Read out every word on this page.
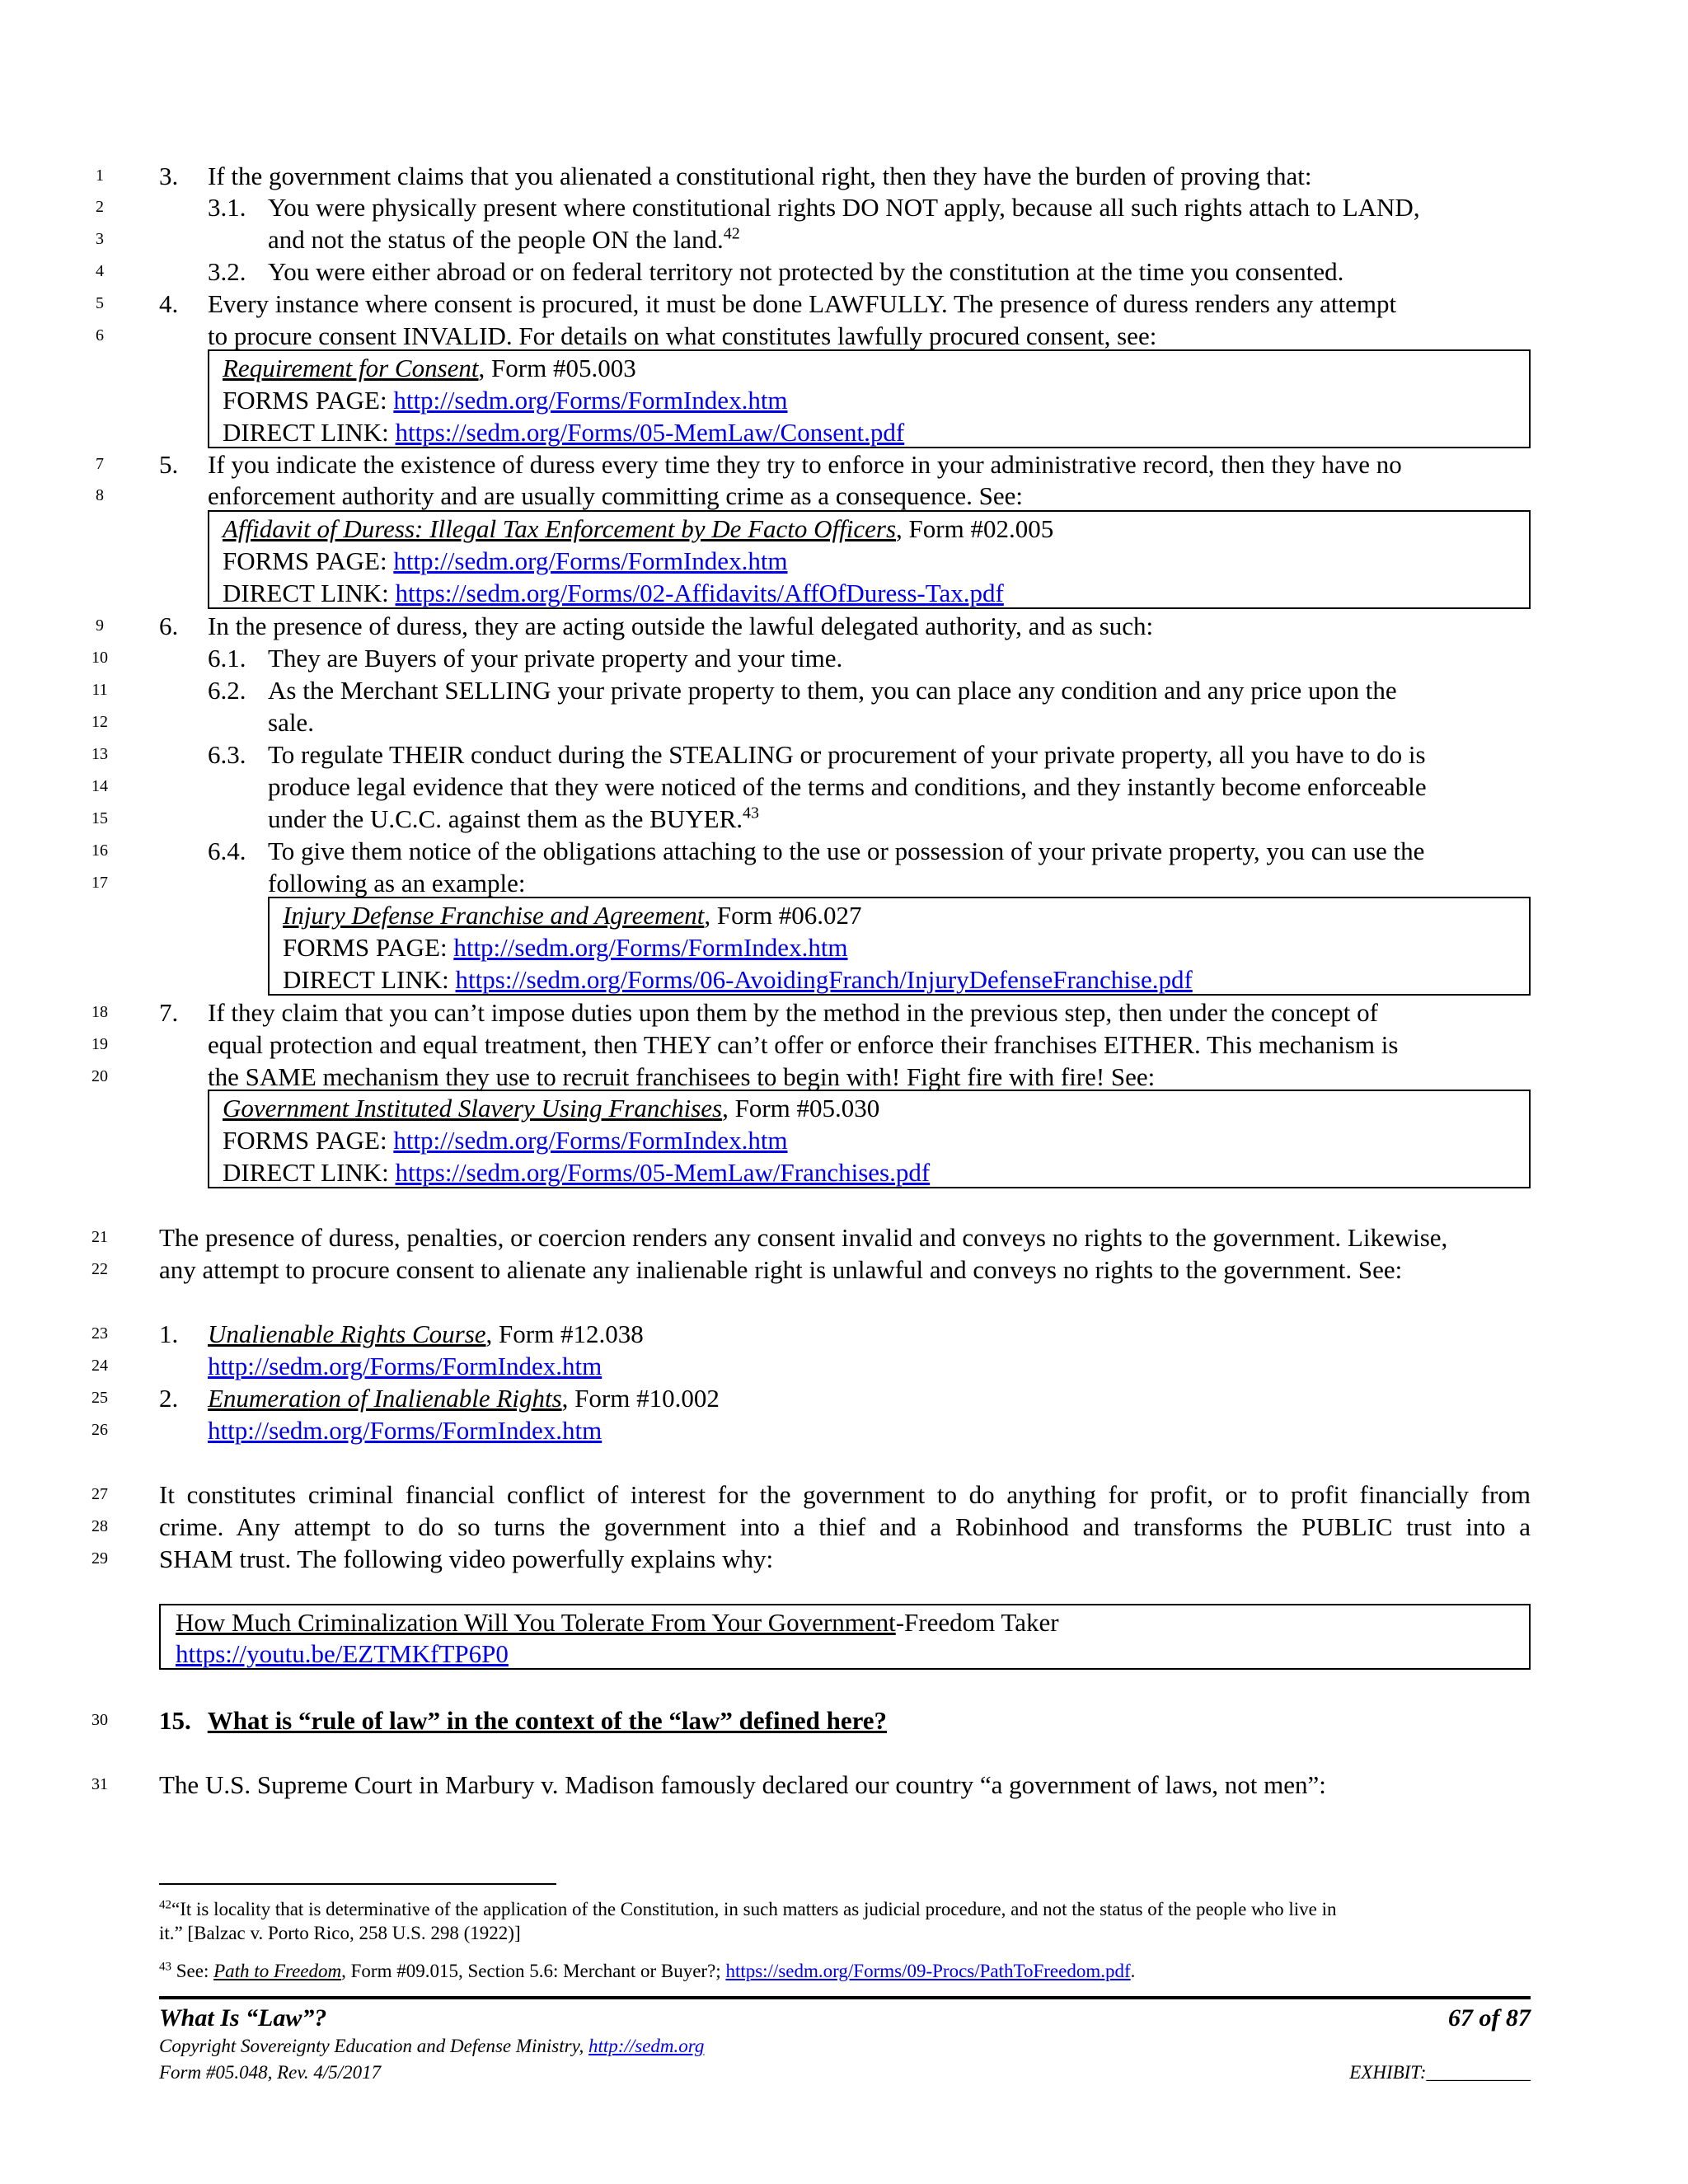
1
2
3
4
5
6
7
8
9
10
11
12
13
14
15
16
17
18
19
20
21
22
23
24
25
26
27
28
29
30
31
3. If the government claims that you alienated a constitutional right, then they have the burden of proving that:
3.1. You were physically present where constitutional rights DO NOT apply, because all such rights attach to LAND,
and not the status of the people ON the land.$^{42}$
3.2. You were either abroad or on federal territory not protected by the constitution at the time you consented.
4. Every instance where consent is procured, it must be done LAWFULLY. The presence of duress renders any attempt
to procure consent INVALID. For details on what constitutes lawfully procured consent, see:
Requirement for Consent, Form #05.003
FORMS PAGE: http://sedm.org/Forms/FormIndex.htm
DIRECT LINK: https://sedm.org/Forms/05-MemLaw/Consent.pdf
5. If you indicate the existence of duress every time they try to enforce in your administrative record, then they have no
enforcement authority and are usually committing crime as a consequence. See:
Affidavit of Duress: Illegal Tax Enforcement by De Facto Officers, Form #02.005
FORMS PAGE: http://sedm.org/Forms/FormIndex.htm
DIRECT LINK: https://sedm.org/Forms/02-Affidavits/AffOfDuress-Tax.pdf
6. In the presence of duress, they are acting outside the lawful delegated authority, and as such:
6.1. They are Buyers of your private property and your time.
6.2. As the Merchant SELLING your private property to them, you can place any condition and any price upon the
sale.
6.3. To regulate THEIR conduct during the STEALING or procurement of your private property, all you have to do is
produce legal evidence that they were noticed of the terms and conditions, and they instantly become enforceable
under the U.C.C. against them as the BUYER.$^{43}$
6.4. To give them notice of the obligations attaching to the use or possession of your private property, you can use the
following as an example:
Injury Defense Franchise and Agreement, Form #06.027
FORMS PAGE: http://sedm.org/Forms/FormIndex.htm
DIRECT LINK: https://sedm.org/Forms/06-AvoidingFranch/InjuryDefenseFranchise.pdf
7. If they claim that you can’t impose duties upon them by the method in the previous step, then under the concept of
equal protection and equal treatment, then THEY can’t offer or enforce their franchises EITHER. This mechanism is
the SAME mechanism they use to recruit franchisees to begin with! Fight fire with fire! See:
Government Instituted Slavery Using Franchises, Form #05.030
FORMS PAGE: http://sedm.org/Forms/FormIndex.htm
DIRECT LINK: https://sedm.org/Forms/05-MemLaw/Franchises.pdf
The presence of duress, penalties, or coercion renders any consent invalid and conveys no rights to the government. Likewise,
any attempt to procure consent to alienate any inalienable right is unlawful and conveys no rights to the government. See:
1. Unalienable Rights Course, Form #12.038
http://sedm.org/Forms/FormIndex.htm
2. Enumeration of Inalienable Rights, Form #10.002
http://sedm.org/Forms/FormIndex.htm
It constitutes criminal financial conflict of interest for the government to do anything for profit, or to profit financially from
crime. Any attempt to do so turns the government into a thief and a Robinhood and transforms the PUBLIC trust into a
SHAM trust. The following video powerfully explains why:
How Much Criminalization Will You Tolerate From Your Government-Freedom Taker
https://youtu.be/EZTMKfTP6P0
15. What is “rule of law” in the context of the “law” defined here?
The U.S. Supreme Court in Marbury v. Madison famously declared our country “a government of laws, not men”:
$^{42}$“It is locality that is determinative of the application of the Constitution, in such matters as judicial procedure, and not the status of the people who live in
it.” [Balzac v. Porto Rico, 258 U.S. 298 (1922)]
$^{43}$ See: Path to Freedom, Form #09.015, Section 5.6: Merchant or Buyer?; https://sedm.org/Forms/09-Procs/PathToFreedom.pdf.
What Is “Law”?	67 of 87
Copyright Sovereignty Education and Defense Ministry, http://sedm.org
Form #05.048, Rev. 4/5/2017	EXHIBIT:___________
